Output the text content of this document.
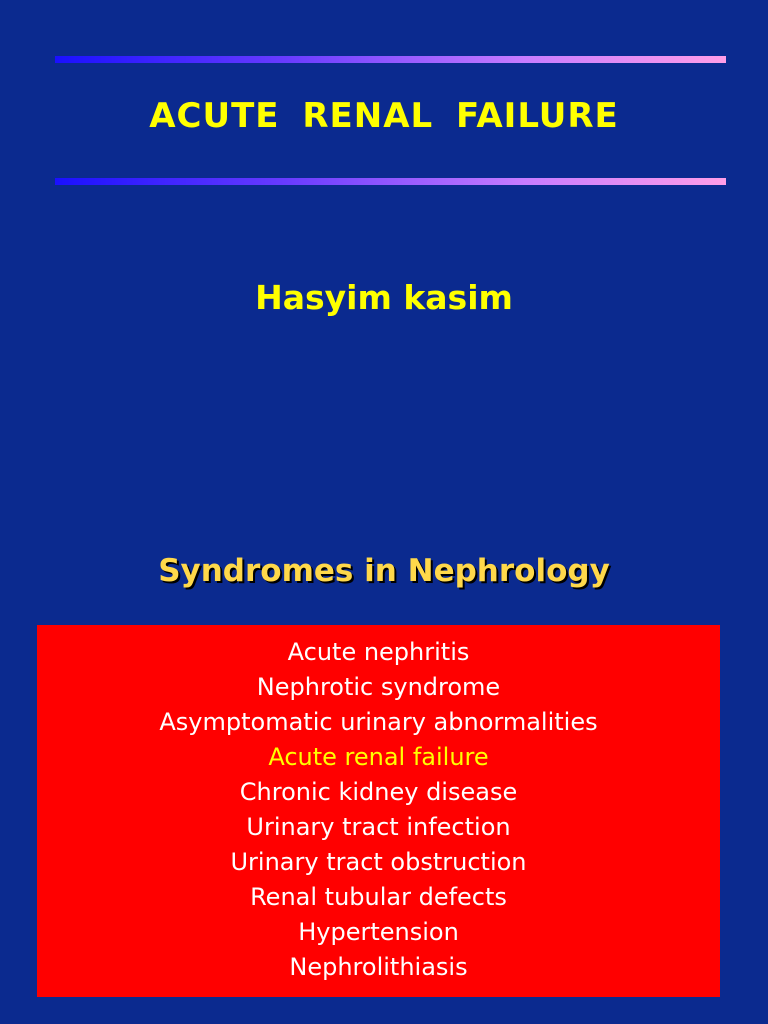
ACUTE RENAL FAILURE
Hasyim kasim
Syndromes in Nephrology
Acute nephritis
Nephrotic syndrome
Asymptomatic urinary abnormalities
Acute renal failure
Chronic kidney disease
Urinary tract infection
Urinary tract obstruction
Renal tubular defects
Hypertension
Nephrolithiasis
